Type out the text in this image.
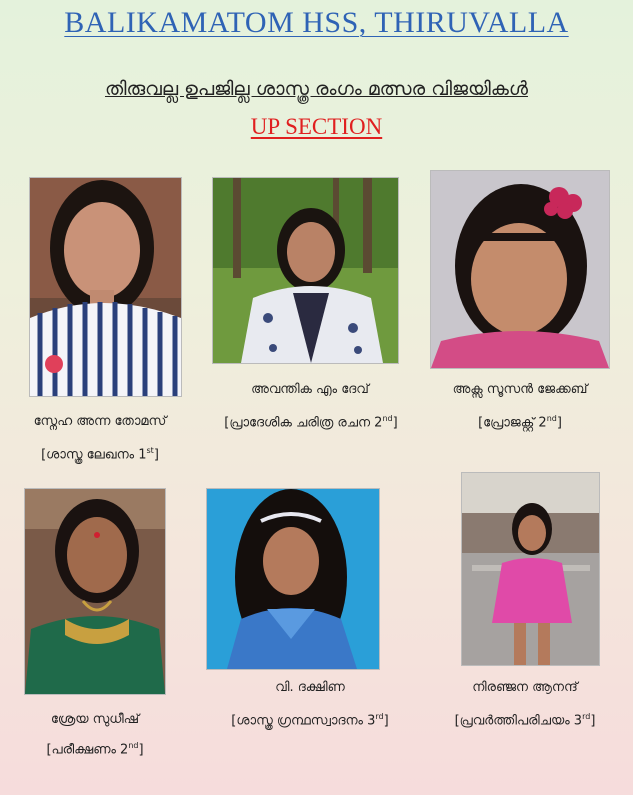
BALIKAMATOM HSS, THIRUVALLA
തിരുവല്ല ഉപജില്ല ശാസ്ത്ര രംഗം മത്സര വിജയികൾ
UP SECTION
സ്നേഹ അന്ന തോമസ്
[ശാസ്ത്ര ലേഖനം 1st]
അവന്തിക എം ദേവ്
[പ്രാദേശിക ചരിത്ര രചന 2nd]
അക്സ സൂസൻ ജേക്കബ്
[പ്രോജക്റ്റ് 2nd]
ശ്രേയ സുധീഷ്
[പരീക്ഷണം 2nd]
വി. ദക്ഷിണ
[ശാസ്ത്ര ഗ്രന്ഥസ്വാദനം 3rd]
നിരഞ്ജന ആനന്ദ്
[പ്രവർത്തിപരിചയം 3rd]
